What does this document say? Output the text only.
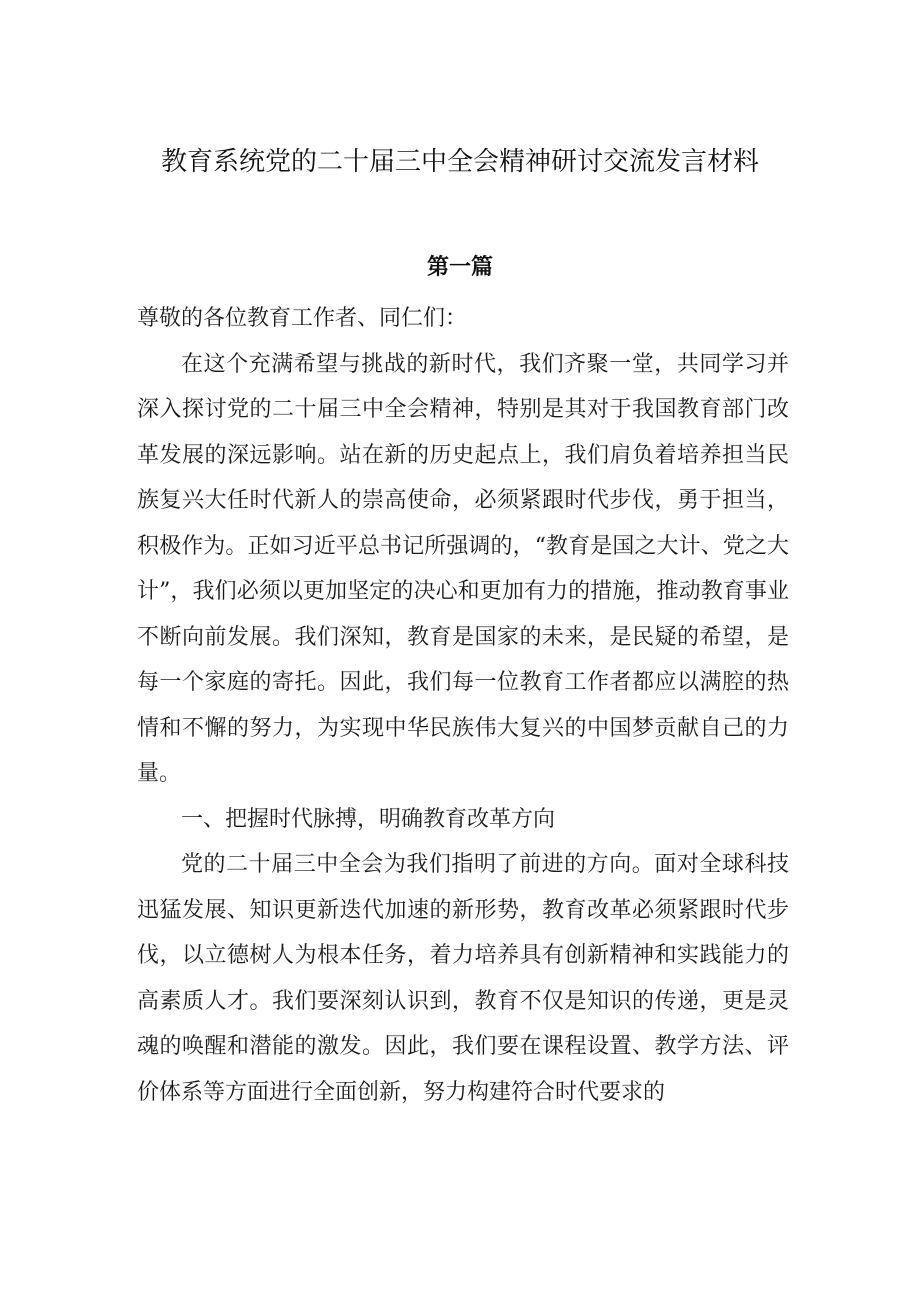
教育系统党的二十届三中全会精神研讨交流发言材料
第一篇

尊敬的各位教育工作者、同仁们：

在这个充满希望与挑战的新时代，我们齐聚一堂，共同学习并深入探讨党的二十届三中全会精神，特别是其对于我国教育部门改革发展的深远影响。站在新的历史起点上，我们肩负着培养担当民族复兴大任时代新人的崇高使命，必须紧跟时代步伐，勇于担当，积极作为。正如习近平总书记所强调的，“教育是国之大计、党之大计”，我们必须以更加坚定的决心和更加有力的措施，推动教育事业不断向前发展。我们深知，教育是国家的未来，是民疑的希望，是每一个家庭的寄托。因此，我们每一位教育工作者都应以满腔的热情和不懈的努力，为实现中华民族伟大复兴的中国梦贡献自己的力量。

一、把握时代脉搏，明确教育改革方向

党的二十届三中全会为我们指明了前进的方向。面对全球科技迅猛发展、知识更新迭代加速的新形势，教育改革必须紧跟时代步伐，以立德树人为根本任务，着力培养具有创新精神和实践能力的高素质人才。我们要深刻认识到，教育不仅是知识的传递，更是灵魂的唤醒和潜能的激发。因此，我们要在课程设置、教学方法、评价体系等方面进行全面创新，努力构建符合时代要求的
